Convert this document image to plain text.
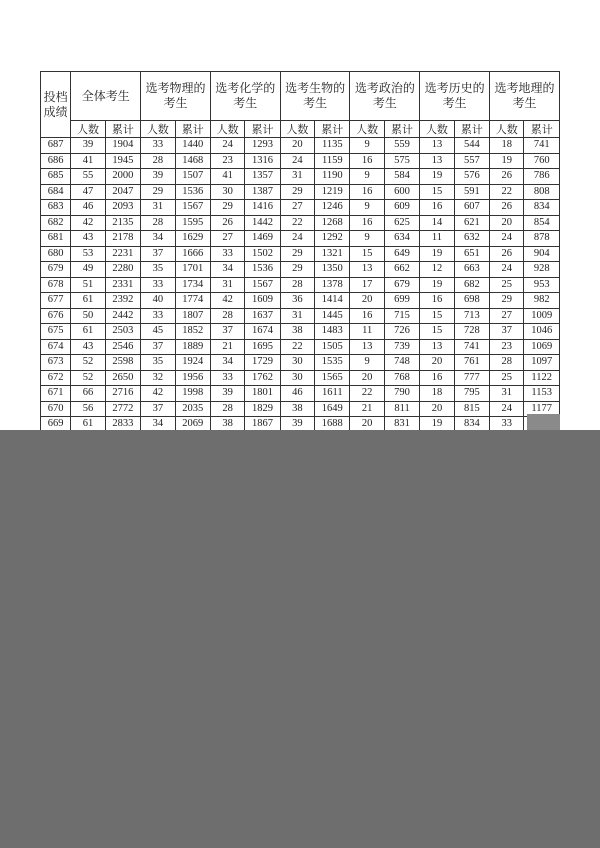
投档成绩	全体考生		选考物理的考生		选考化学的考生		选考生物的考生		选考政治的考生		选考历史的考生		选考地理的考生	
	人数	累计	人数	累计	人数	累计	人数	累计	人数	累计	人数	累计	人数	累计
687	39	1904	33	1440	24	1293	20	1135	9	559	13	544	18	741
686	41	1945	28	1468	23	1316	24	1159	16	575	13	557	19	760
685	55	2000	39	1507	41	1357	31	1190	9	584	19	576	26	786
684	47	2047	29	1536	30	1387	29	1219	16	600	15	591	22	808
683	46	2093	31	1567	29	1416	27	1246	9	609	16	607	26	834
682	42	2135	28	1595	26	1442	22	1268	16	625	14	621	20	854
681	43	2178	34	1629	27	1469	24	1292	9	634	11	632	24	878
680	53	2231	37	1666	33	1502	29	1321	15	649	19	651	26	904
679	49	2280	35	1701	34	1536	29	1350	13	662	12	663	24	928
678	51	2331	33	1734	31	1567	28	1378	17	679	19	682	25	953
677	61	2392	40	1774	42	1609	36	1414	20	699	16	698	29	982
676	50	2442	33	1807	28	1637	31	1445	16	715	15	713	27	1009
675	61	2503	45	1852	37	1674	38	1483	11	726	15	728	37	1046
674	43	2546	37	1889	21	1695	22	1505	13	739	13	741	23	1069
673	52	2598	35	1924	34	1729	30	1535	9	748	20	761	28	1097
672	52	2650	32	1956	33	1762	30	1565	20	768	16	777	25	1122
671	66	2716	42	1998	39	1801	46	1611	22	790	18	795	31	1153
670	56	2772	37	2035	28	1829	38	1649	21	811	20	815	24	1177
669	61	2833	34	2069	38	1867	39	1688	20	831	19	834	33	
